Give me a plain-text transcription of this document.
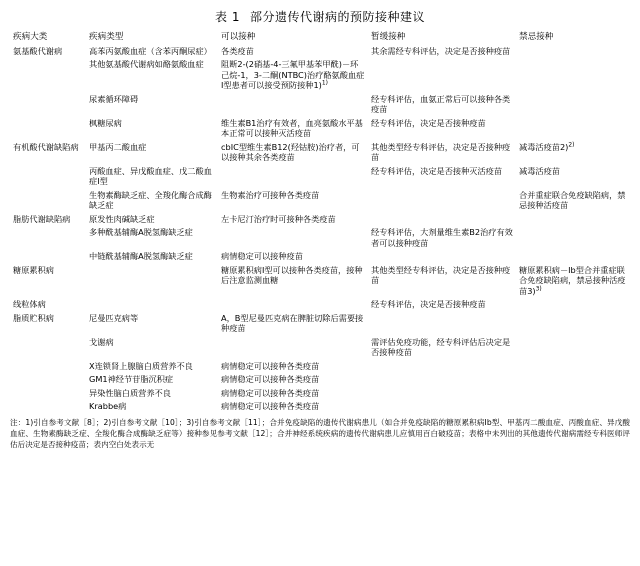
表 1 部分遗传代谢病的预防接种建议
疾病大类	疾病类型	可以接种	暂缓接种	禁忌接种
氨基酸代谢病	高苯丙氨酸血症（含苯丙酮尿症）	各类疫苗	其余需经专科评估，决定是否接种疫苗	
	其他氨基酸代谢病如酪氨酸血症	阻断2-(2硝基-4-三氟甲基苯甲酰)－环己烷-1，3-二酮(NTBC)治疗酪氨酸血症Ⅰ型患者可以接受预防接种1)$^{1)}$		
	尿素循环障碍		经专科评估，血氨正常后可以接种各类疫苗	
	枫糖尿病	维生素B1治疗有效者，血亮氨酸水平基本正常可以接种灭活疫苗	经专科评估，决定是否接种疫苗	
有机酸代谢缺陷病	甲基丙二酸血症	cbIC型维生素B12(羟钴胺)治疗者，可以接种其余各类疫苗	其他类型经专科评估，决定是否接种疫苗	减毒活疫苗2)$^{2)}$
	丙酸血症、异戊酸血症、戊二酸血症Ⅰ型		经专科评估，决定是否接种灭活疫苗	减毒活疫苗
	生物素酶缺乏症、全羧化酶合成酶缺乏症	生物素治疗可接种各类疫苗		合并重症联合免疫缺陷病，禁忌接种活疫苗
脂肪代谢缺陷病	原发性肉碱缺乏症	左卡尼汀治疗时可接种各类疫苗		
	多种酰基辅酶A脱氢酶缺乏症		经专科评估，大剂量维生素B2治疗有效者可以接种疫苗	
	中链酰基辅酶A脱氢酶缺乏症	病情稳定可以接种疫苗		
糖原累积病		糖原累积病Ⅰ型可以接种各类疫苗，接种后注意监测血糖	其他类型经专科评估，决定是否接种疫苗	糖原累积病－Ⅰb型合并重症联合免疫缺陷病，禁忌接种活疫苗3)$^{3)}$
线粒体病			经专科评估，决定是否接种疫苗	
脂质贮积病	尼曼匹克病等	A，B型尼曼匹克病在脾脏切除后需要接种疫苗		
	戈谢病		需评估免疫功能，经专科评估后决定是否接种疫苗	
	X连锁肾上腺脑白质营养不良	病情稳定可以接种各类疫苗		
	GM1神经节苷脂沉积症	病情稳定可以接种各类疫苗		
	异染性脑白质营养不良	病情稳定可以接种各类疫苗		
	Krabbe病	病情稳定可以接种各类疫苗		
注：1)引自参考文献［8］；2)引自参考文献［10］；3)引自参考文献［11］；合并免疫缺陷的遗传代谢病患儿（如合并免疫缺陷的糖原累积病Ⅰb型、甲基丙二酸血症、丙酸血症、异戊酸血症、生物素酶缺乏症、全羧化酶合成酶缺乏症等）接种参见参考文献［12］；合并神经系统疾病的遗传代谢病患儿应慎用百白破疫苗；表格中未列出的其他遗传代谢病需经专科医师评估后决定是否接种疫苗；表内空白处表示无
